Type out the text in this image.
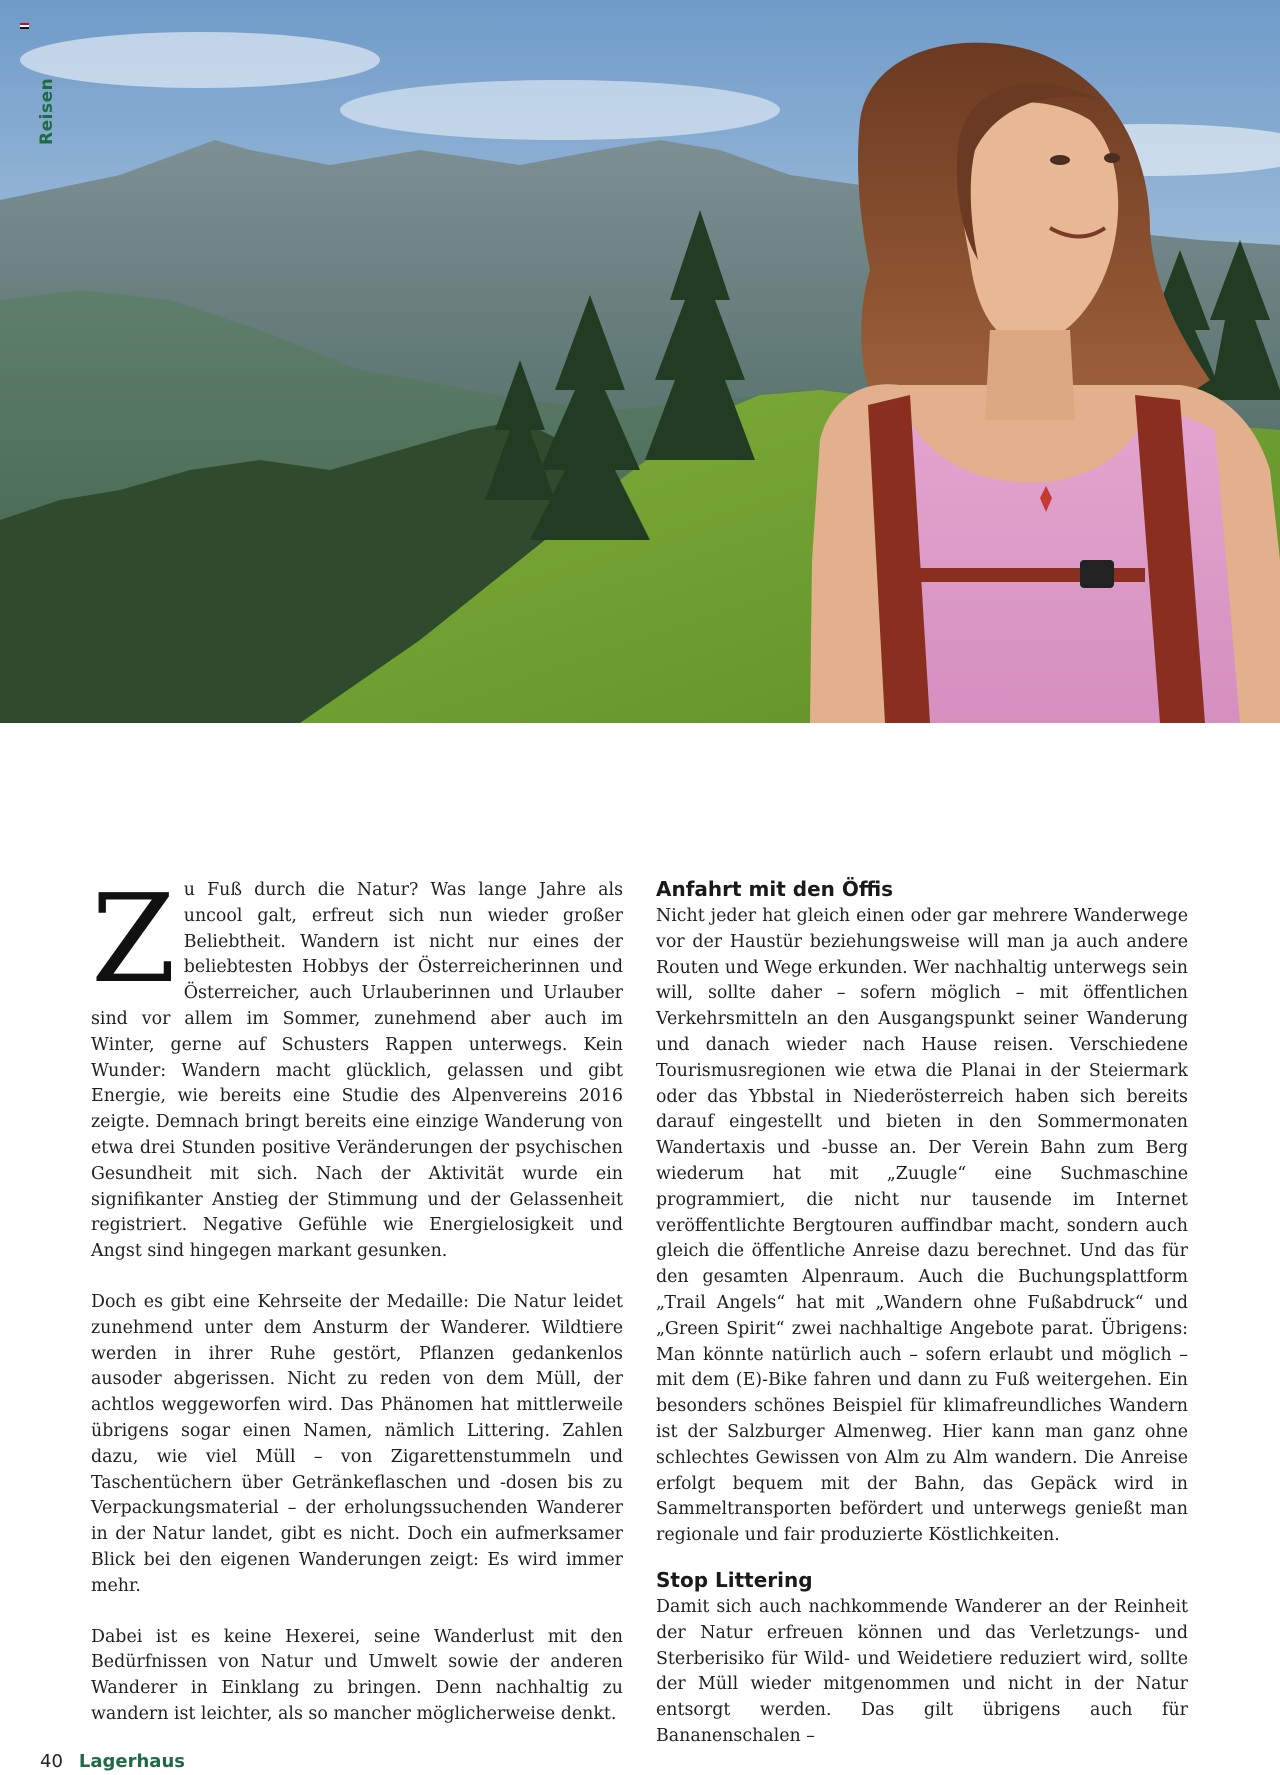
Reisen

Zu Fuß durch die Natur? Was lange Jahre als uncool galt, erfreut sich nun wieder großer Beliebtheit. Wandern ist nicht nur eines der beliebtesten Hobbys der Österreicherinnen und Österreicher, auch Urlauberinnen und Urlauber sind vor allem im Sommer, zunehmend aber auch im Winter, gerne auf Schusters Rappen unterwegs. Kein Wunder: Wandern macht glücklich, gelassen und gibt Energie, wie bereits eine Studie des Alpenvereins 2016 zeigte. Demnach bringt bereits eine einzige Wanderung von etwa drei Stunden positive Veränderungen der psychischen Gesundheit mit sich. Nach der Aktivität wurde ein signifikanter Anstieg der Stimmung und der Gelassenheit registriert. Negative Gefühle wie Energielosigkeit und Angst sind hingegen markant gesunken.

Doch es gibt eine Kehrseite der Medaille: Die Natur leidet zunehmend unter dem Ansturm der Wanderer. Wildtiere werden in ihrer Ruhe gestört, Pflanzen gedankenlos ausoder abgerissen. Nicht zu reden von dem Müll, der achtlos weggeworfen wird. Das Phänomen hat mittlerweile übrigens sogar einen Namen, nämlich Littering. Zahlen dazu, wie viel Müll – von Zigarettenstummeln und Taschentüchern über Getränkeflaschen und -dosen bis zu Verpackungsmaterial – der erholungssuchenden Wanderer in der Natur landet, gibt es nicht. Doch ein aufmerksamer Blick bei den eigenen Wanderungen zeigt: Es wird immer mehr.

Dabei ist es keine Hexerei, seine Wanderlust mit den Bedürfnissen von Natur und Umwelt sowie der anderen Wanderer in Einklang zu bringen. Denn nachhaltig zu wandern ist leichter, als so mancher möglicherweise denkt.

Anfahrt mit den Öffis

Nicht jeder hat gleich einen oder gar mehrere Wanderwege vor der Haustür beziehungsweise will man ja auch andere Routen und Wege erkunden. Wer nachhaltig unterwegs sein will, sollte daher – sofern möglich – mit öffentlichen Verkehrsmitteln an den Ausgangspunkt seiner Wanderung und danach wieder nach Hause reisen. Verschiedene Tourismusregionen wie etwa die Planai in der Steiermark oder das Ybbstal in Niederösterreich haben sich bereits darauf eingestellt und bieten in den Sommermonaten Wandertaxis und -busse an. Der Verein Bahn zum Berg wiederum hat mit „Zuugle“ eine Suchmaschine programmiert, die nicht nur tausende im Internet veröffentlichte Bergtouren auffindbar macht, sondern auch gleich die öffentliche Anreise dazu berechnet. Und das für den gesamten Alpenraum. Auch die Buchungsplattform „Trail Angels“ hat mit „Wandern ohne Fußabdruck“ und „Green Spirit“ zwei nachhaltige Angebote parat. Übrigens: Man könnte natürlich auch – sofern erlaubt und möglich – mit dem (E)-Bike fahren und dann zu Fuß weitergehen. Ein besonders schönes Beispiel für klimafreundliches Wandern ist der Salzburger Almenweg. Hier kann man ganz ohne schlechtes Gewissen von Alm zu Alm wandern. Die Anreise erfolgt bequem mit der Bahn, das Gepäck wird in Sammeltransporten befördert und unterwegs genießt man regionale und fair produzierte Köstlichkeiten.

Stop Littering

Damit sich auch nachkommende Wanderer an der Reinheit der Natur erfreuen können und das Verletzungs- und Sterberisiko für Wild- und Weidetiere reduziert wird, sollte der Müll wieder mitgenommen und nicht in der Natur entsorgt werden. Das gilt übrigens auch für Bananenschalen –

40 Lagerhaus
